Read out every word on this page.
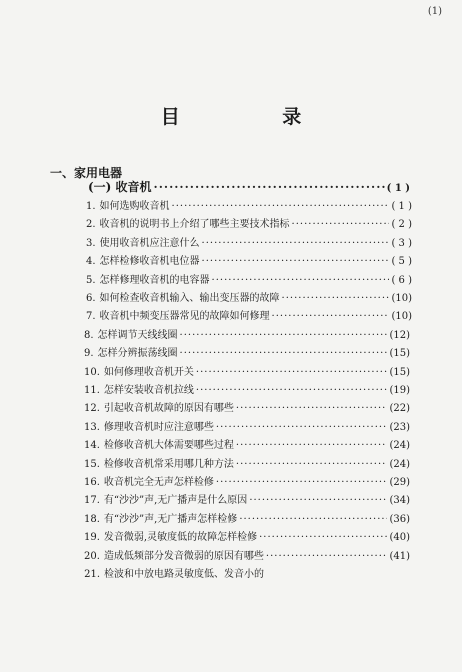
(1)
目 录
一、家用电器
(一) 收音机 ·····	( 1 )
1. 如何选购收音机 ·····	( 1 )
2. 收音机的说明书上介绍了哪些主要技术指标 ·····	( 2 )
3. 使用收音机应注意什么 ·····	( 3 )
4. 怎样检修收音机电位器 ·····	( 5 )
5. 怎样修理收音机的电容器 ·····	( 6 )
6. 如何检查收音机输入、输出变压器的故障 ·····	(10)
7. 收音机中频变压器常见的故障如何修理 ·····	(10)
8. 怎样调节天线线圈 ·····	(12)
9. 怎样分辨振荡线圈 ·····	(15)
10. 如何修理收音机开关 ·····	(15)
11. 怎样安装收音机拉线 ·····	(19)
12. 引起收音机故障的原因有哪些 ·····	(22)
13. 修理收音机时应注意哪些 ·····	(23)
14. 检修收音机大体需要哪些过程 ·····	(24)
15. 检修收音机常采用哪几种方法 ·····	(24)
16. 收音机完全无声怎样检修 ·····	(29)
17. 有“沙沙”声,无广播声是什么原因 ·····	(34)
18. 有“沙沙”声,无广播声怎样检修 ·····	(36)
19. 发音微弱,灵敏度低的故障怎样检修 ·····	(40)
20. 造成低频部分发音微弱的原因有哪些 ·····	(41)
21. 检波和中放电路灵敏度低、发音小的
